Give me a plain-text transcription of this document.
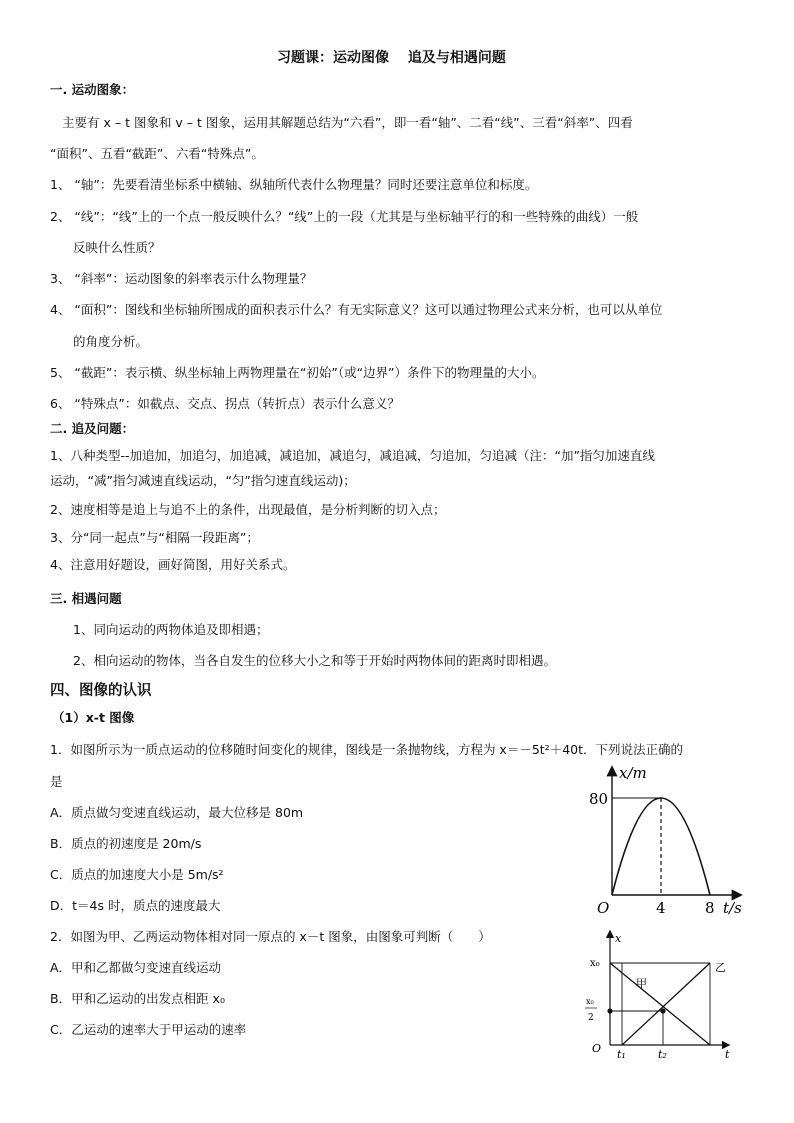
习题课：运动图像　 追及与相遇问题
一. 运动图象：
主要有 x – t 图象和 v – t 图象，运用其解题总结为“六看”，即一看“轴”、二看“线”、三看“斜率”、四看
“面积”、五看“截距”、六看“特殊点”。
1、 “轴”：先要看清坐标系中横轴、纵轴所代表什么物理量？同时还要注意单位和标度。
2、 “线”：“线”上的一个点一般反映什么？“线”上的一段（尤其是与坐标轴平行的和一些特殊的曲线）一般
反映什么性质？
3、 “斜率”：运动图象的斜率表示什么物理量？
4、 “面积”：图线和坐标轴所围成的面积表示什么？有无实际意义？这可以通过物理公式来分析，也可以从单位
的角度分析。
5、 “截距”：表示横、纵坐标轴上两物理量在“初始”（或“边界”）条件下的物理量的大小。
6、 “特殊点”：如截点、交点、拐点（转折点）表示什么意义？
二. 追及问题：
1、八种类型--加追加，加追匀，加追减，减追加，减追匀，减追减，匀追加，匀追减（注：“加”指匀加速直线
运动，“减”指匀减速直线运动，“匀”指匀速直线运动)；
2、速度相等是追上与追不上的条件，出现最值，是分析判断的切入点；
3、分“同一起点”与“相隔一段距离”；
4、注意用好题设，画好简图，用好关系式。
三. 相遇问题
1、同向运动的两物体追及即相遇；
2、相向运动的物体，当各自发生的位移大小之和等于开始时两物体间的距离时即相遇。
四、图像的认识
（1）x-t 图像
1．如图所示为一质点运动的位移随时间变化的规律，图线是一条抛物线，方程为 x＝－5t²＋40t．下列说法正确的
是
A．质点做匀变速直线运动，最大位移是 80m
B．质点的初速度是 20m/s
C．质点的加速度大小是 5m/s²
D．t＝4s 时，质点的速度最大
2．如图为甲、乙两运动物体相对同一原点的 x－t 图象，由图象可判断（　　）
A．甲和乙都做匀变速直线运动
B．甲和乙运动的出发点相距 x₀
C．乙运动的速率大于甲运动的速率
x/m
80
O	4	8 t/s
x
x₀
x₀
2
O t₁	t₂	t
甲
乙
